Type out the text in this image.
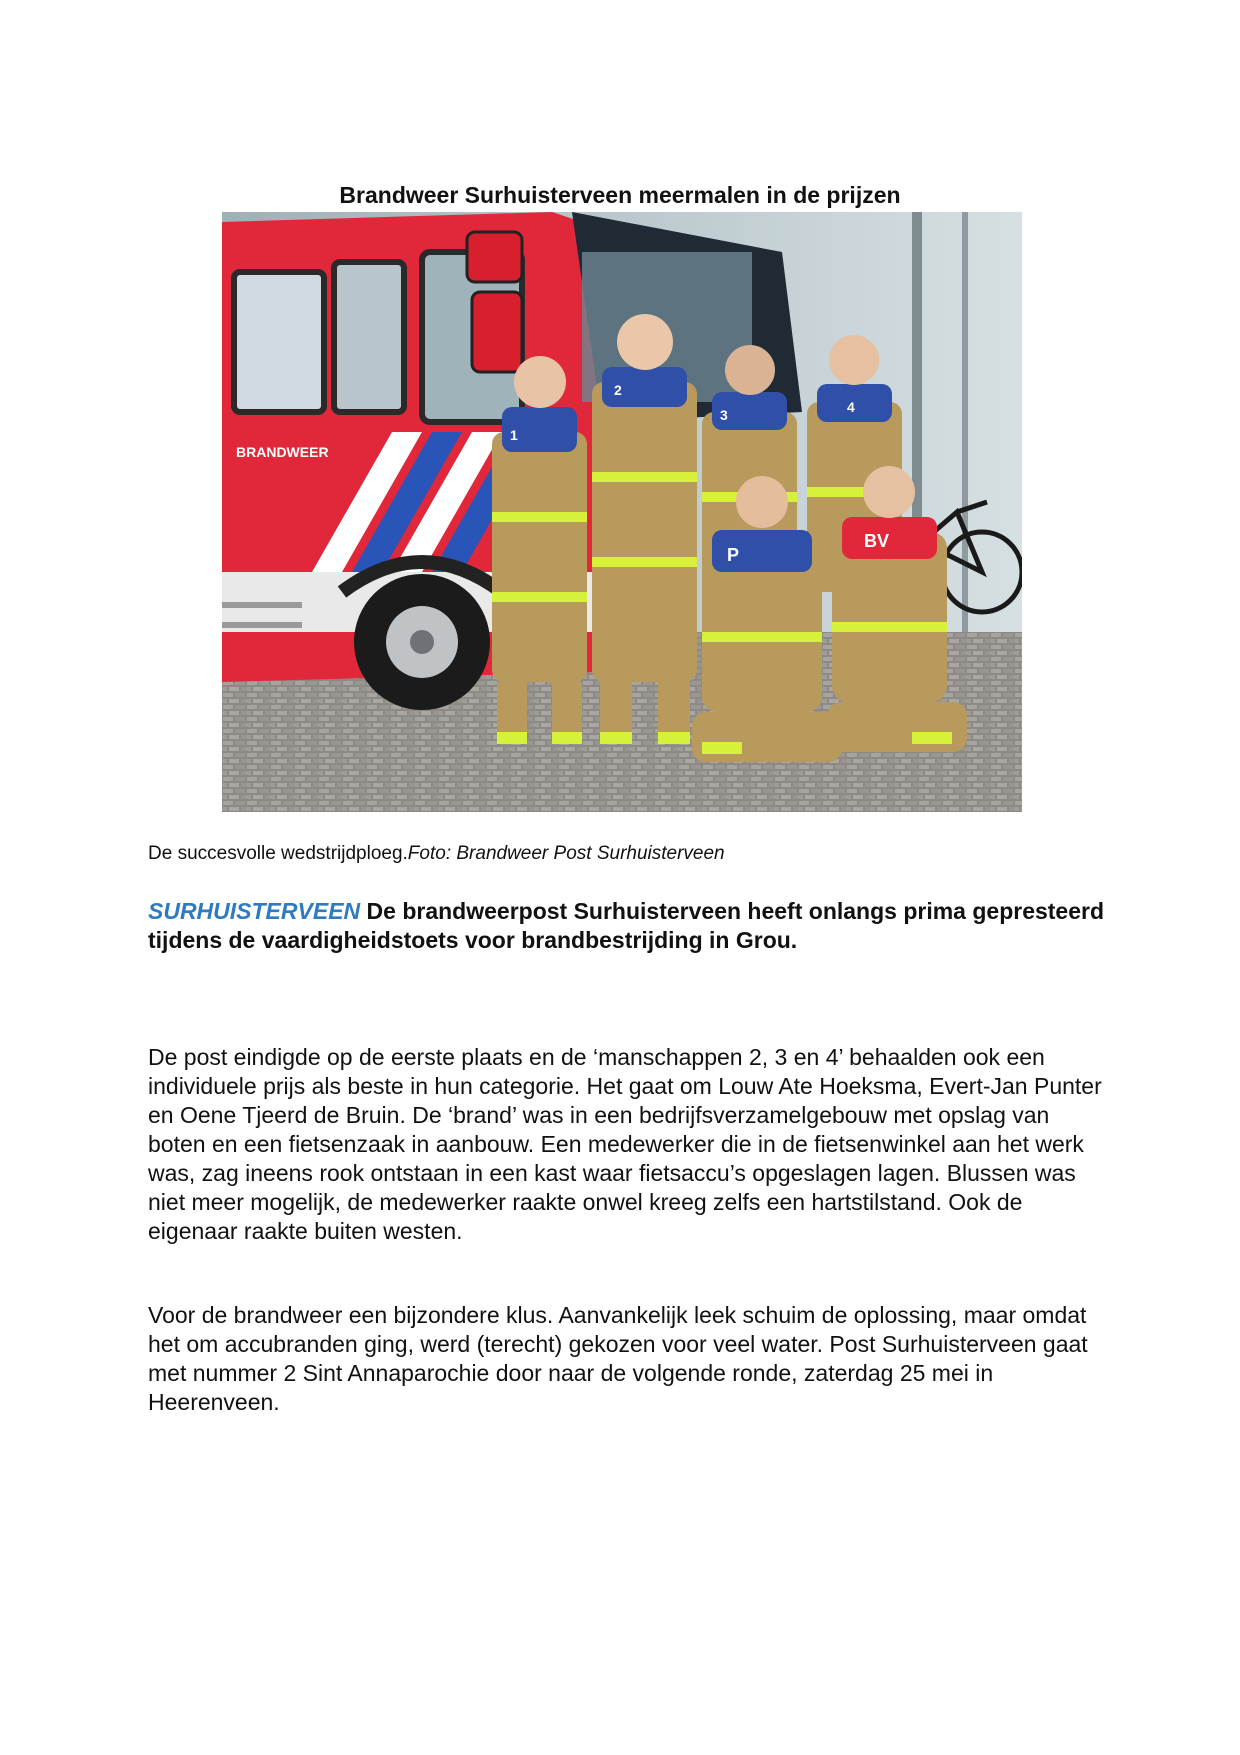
Brandweer Surhuisterveen meermalen in de prijzen
BRANDWEER
1
2
3	4
P
BV

De succesvolle wedstrijdploeg.Foto: Brandweer Post Surhuisterveen

SURHUISTERVEEN De brandweerpost Surhuisterveen heeft onlangs prima gepresteerd tijdens de vaardigheidstoets voor brandbestrijding in Grou.

De post eindigde op de eerste plaats en de ‘manschappen 2, 3 en 4’ behaalden ook een individuele prijs als beste in hun categorie. Het gaat om Louw Ate Hoeksma, Evert-Jan Punter en Oene Tjeerd de Bruin. De ‘brand’ was in een bedrijfsverzamelgebouw met opslag van boten en een fietsenzaak in aanbouw. Een medewerker die in de fietsenwinkel aan het werk was, zag ineens rook ontstaan in een kast waar fietsaccu’s opgeslagen lagen. Blussen was niet meer mogelijk, de medewerker raakte onwel kreeg zelfs een hartstilstand. Ook de eigenaar raakte buiten westen.

Voor de brandweer een bijzondere klus. Aanvankelijk leek schuim de oplossing, maar omdat het om accubranden ging, werd (terecht) gekozen voor veel water. Post Surhuisterveen gaat met nummer 2 Sint Annaparochie door naar de volgende ronde, zaterdag 25 mei in Heerenveen.
